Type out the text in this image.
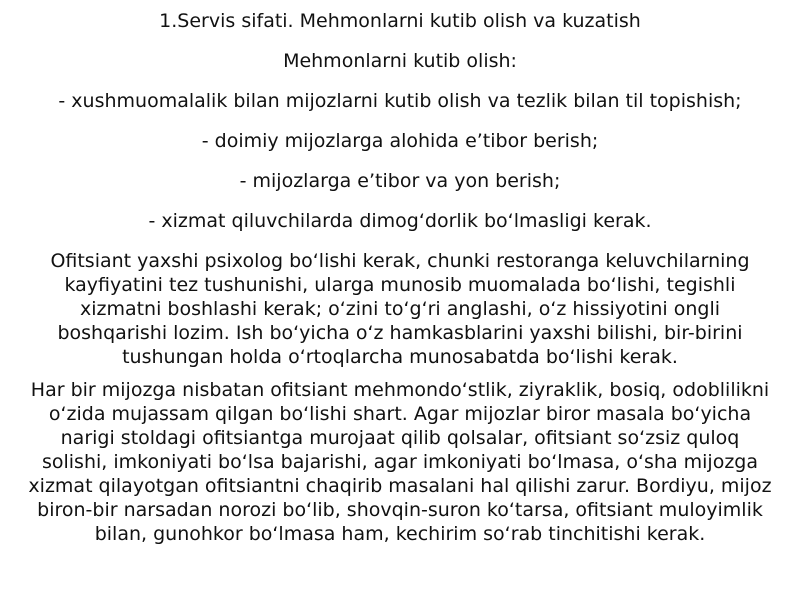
1.Servis sifati. Mehmonlarni kutib olish va kuzatish
Mehmonlarni kutib olish:
- xushmuomalalik bilan mijozlarni kutib olish va tezlik bilan til topishish;
- doimiy mijozlarga alohida e’tibor berish;
- mijozlarga e’tibor va yon berish;
- xizmat qiluvchilarda dimog‘dorlik bo‘lmasligi kerak.
Ofitsiant yaxshi psixolog bo‘lishi kerak, chunki restoranga keluvchilarning
kayfiyatini tez tushunishi, ularga munosib muomalada bo‘lishi, tegishli
xizmatni boshlashi kerak; o‘zini to‘g‘ri anglashi, o‘z hissiyotini ongli
boshqarishi lozim. Ish bo‘yicha o‘z hamkasblarini yaxshi bilishi, bir-birini
tushungan holda o‘rtoqlarcha munosabatda bo‘lishi kerak.
Har bir mijozga nisbatan ofitsiant mehmondo‘stlik, ziyraklik, bosiq, odoblilikni
o‘zida mujassam qilgan bo‘lishi shart. Agar mijozlar biror masala bo‘yicha
narigi stoldagi ofitsiantga murojaat qilib qolsalar, ofitsiant so‘zsiz quloq
solishi, imkoniyati bo‘lsa bajarishi, agar imkoniyati bo‘lmasa, o‘sha mijozga
xizmat qilayotgan ofitsiantni chaqirib masalani hal qilishi zarur. Bordiyu, mijoz
biron-bir narsadan norozi bo‘lib, shovqin-suron ko‘tarsa, ofitsiant muloyimlik
bilan, gunohkor bo‘lmasa ham, kechirim so‘rab tinchitishi kerak.
